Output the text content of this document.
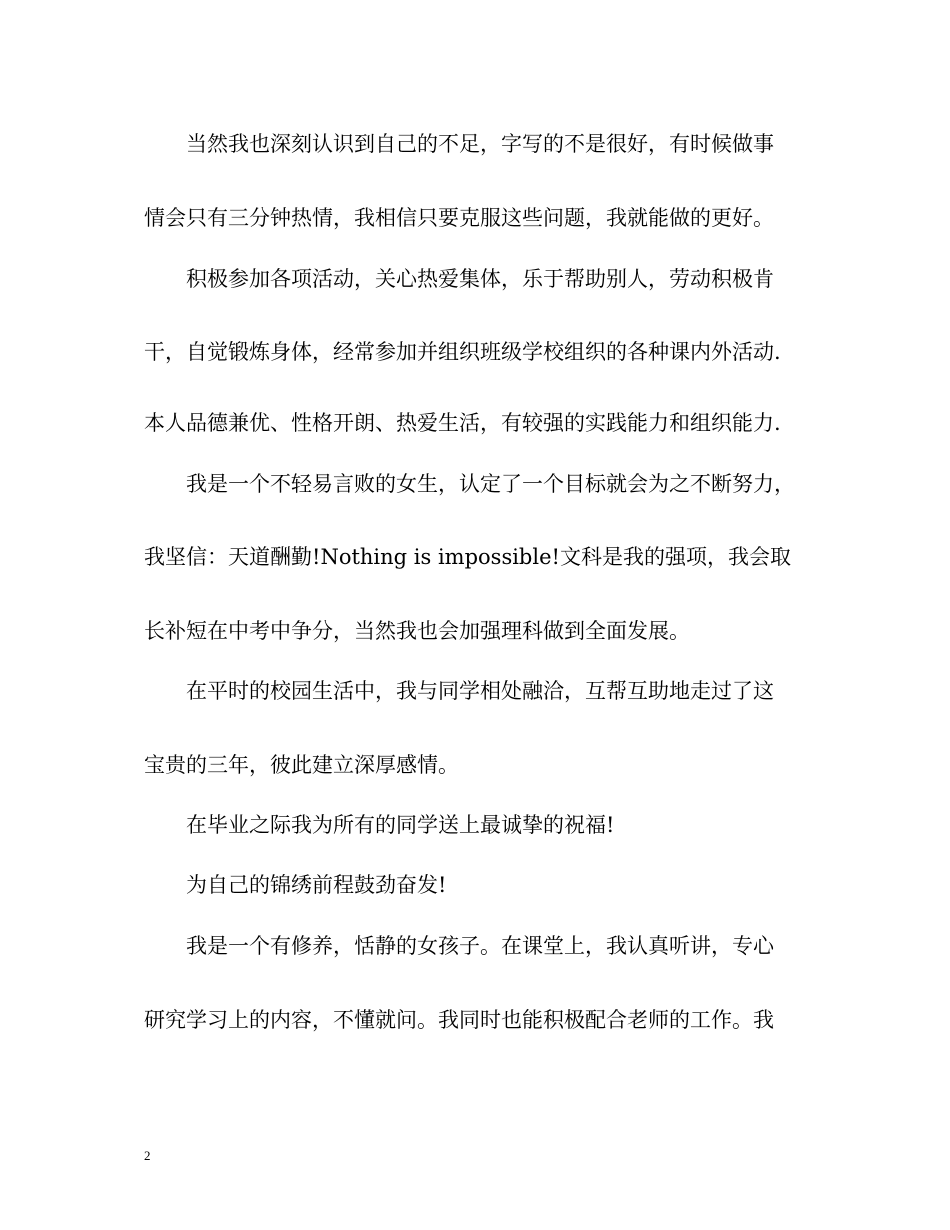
当然我也深刻认识到自己的不足，字写的不是很好，有时候做事
情会只有三分钟热情，我相信只要克服这些问题，我就能做的更好。
积极参加各项活动，关心热爱集体，乐于帮助别人，劳动积极肯
干，自觉锻炼身体，经常参加并组织班级学校组织的各种课内外活动.
本人品德兼优、性格开朗、热爱生活，有较强的实践能力和组织能力.
我是一个不轻易言败的女生，认定了一个目标就会为之不断努力，
我坚信：天道酬勤!Nothing is impossible!文科是我的强项，我会取
长补短在中考中争分，当然我也会加强理科做到全面发展。
在平时的校园生活中，我与同学相处融洽，互帮互助地走过了这
宝贵的三年，彼此建立深厚感情。
在毕业之际我为所有的同学送上最诚挚的祝福!
为自己的锦绣前程鼓劲奋发!
我是一个有修养，恬静的女孩子。在课堂上，我认真听讲，专心
研究学习上的内容，不懂就问。我同时也能积极配合老师的工作。我
2
